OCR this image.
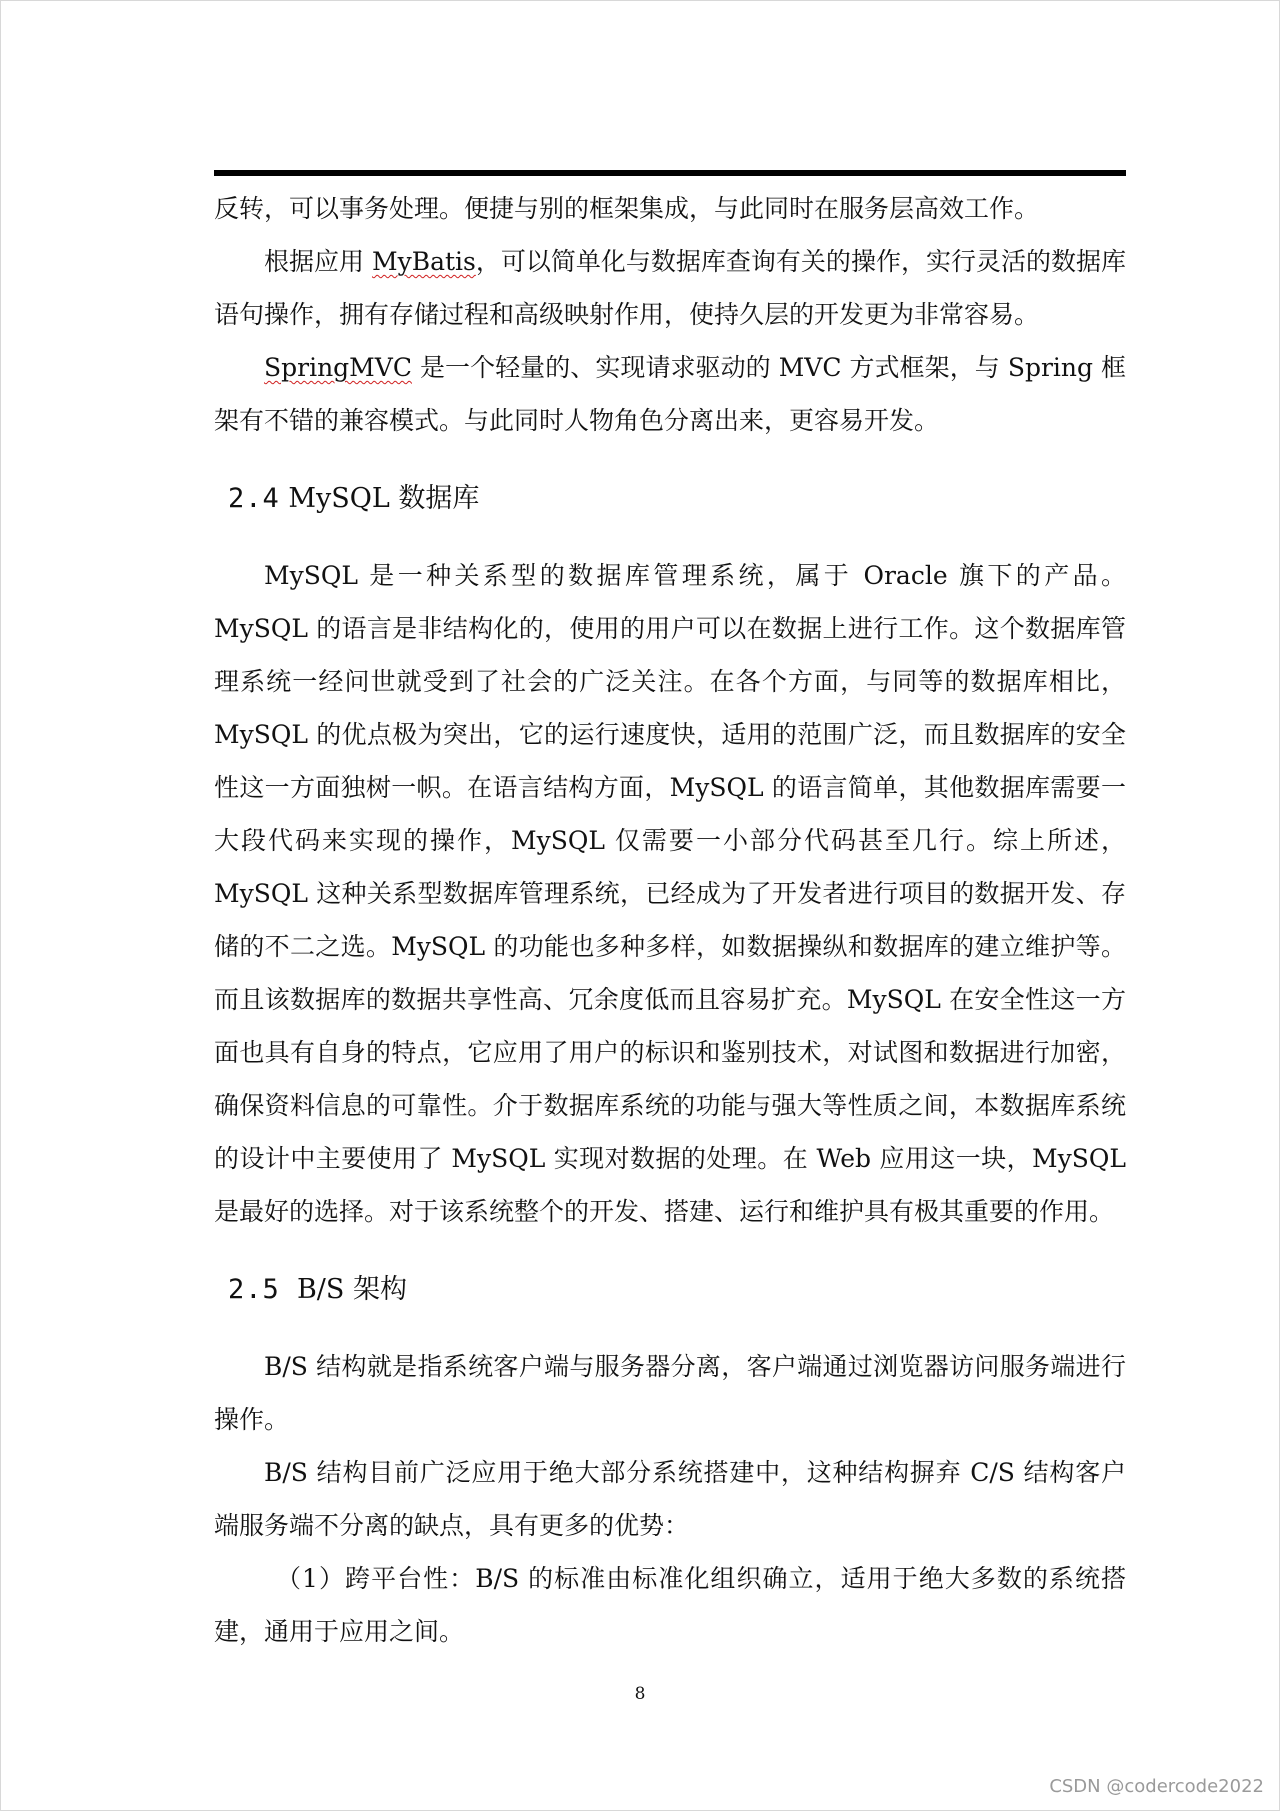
反转，可以事务处理。便捷与别的框架集成，与此同时在服务层高效工作。

根据应用 MyBatis，可以简单化与数据库查询有关的操作，实行灵活的数据库语句操作，拥有存储过程和高级映射作用，使持久层的开发更为非常容易。

SpringMVC 是一个轻量的、实现请求驱动的 MVC 方式框架，与 Spring 框架有不错的兼容模式。与此同时人物角色分离出来，更容易开发。

2.4 MySQL 数据库

MySQL 是一种关系型的数据库管理系统，属于 Oracle 旗下的产品。MySQL 的语言是非结构化的，使用的用户可以在数据上进行工作。这个数据库管理系统一经问世就受到了社会的广泛关注。在各个方面，与同等的数据库相比，MySQL 的优点极为突出，它的运行速度快，适用的范围广泛，而且数据库的安全性这一方面独树一帜。在语言结构方面，MySQL 的语言简单，其他数据库需要一大段代码来实现的操作，MySQL 仅需要一小部分代码甚至几行。综上所述，MySQL 这种关系型数据库管理系统，已经成为了开发者进行项目的数据开发、存储的不二之选。MySQL 的功能也多种多样，如数据操纵和数据库的建立维护等。而且该数据库的数据共享性高、冗余度低而且容易扩充。MySQL 在安全性这一方面也具有自身的特点，它应用了用户的标识和鉴别技术，对试图和数据进行加密，确保资料信息的可靠性。介于数据库系统的功能与强大等性质之间，本数据库系统的设计中主要使用了 MySQL 实现对数据的处理。在 Web 应用这一块，MySQL 是最好的选择。对于该系统整个的开发、搭建、运行和维护具有极其重要的作用。

2.5 B/S 架构

B/S 结构就是指系统客户端与服务器分离，客户端通过浏览器访问服务端进行操作。

B/S 结构目前广泛应用于绝大部分系统搭建中，这种结构摒弃 C/S 结构客户端服务端不分离的缺点，具有更多的优势：

（1）跨平台性：B/S 的标准由标准化组织确立，适用于绝大多数的系统搭建，通用于应用之间。

8
CSDN @codercode2022
